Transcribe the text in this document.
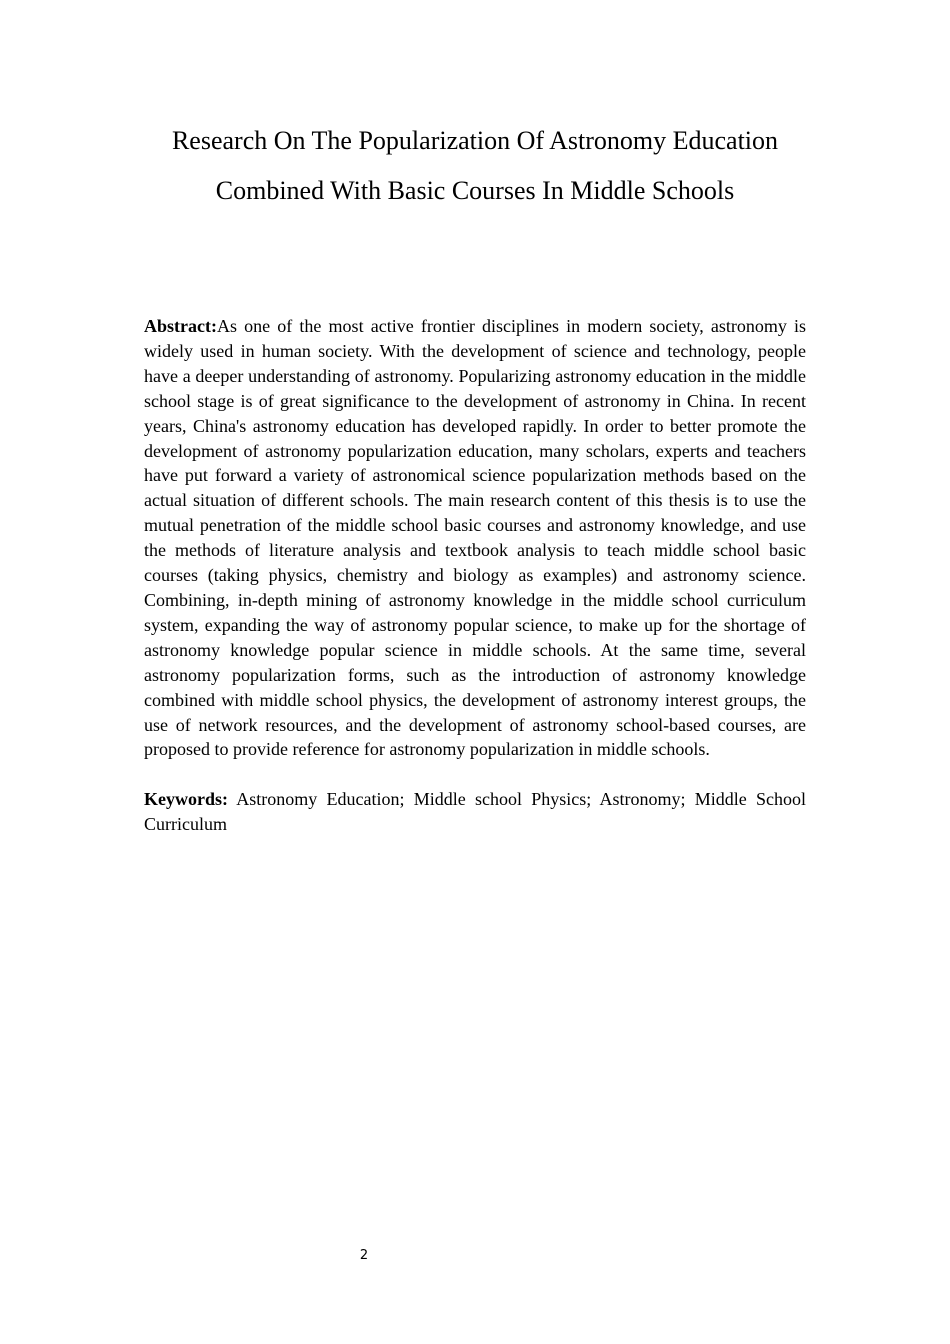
Research On The Popularization Of Astronomy Education
Combined With Basic Courses In Middle Schools

Abstract:As one of the most active frontier disciplines in modern society, astronomy is widely used in human society. With the development of science and technology, people have a deeper understanding of astronomy. Popularizing astronomy education in the middle school stage is of great significance to the development of astronomy in China. In recent years, China's astronomy education has developed rapidly. In order to better promote the development of astronomy popularization education, many scholars, experts and teachers have put forward a variety of astronomical science popularization methods based on the actual situation of different schools. The main research content of this thesis is to use the mutual penetration of the middle school basic courses and astronomy knowledge, and use the methods of literature analysis and textbook analysis to teach middle school basic courses (taking physics, chemistry and biology as examples) and astronomy science. Combining, in-depth mining of astronomy knowledge in the middle school curriculum system, expanding the way of astronomy popular science, to make up for the shortage of astronomy knowledge popular science in middle schools. At the same time, several astronomy popularization forms, such as the introduction of astronomy knowledge combined with middle school physics, the development of astronomy interest groups, the use of network resources, and the development of astronomy school-based courses, are proposed to provide reference for astronomy popularization in middle schools.

Keywords: Astronomy Education; Middle school Physics; Astronomy; Middle School Curriculum

2
